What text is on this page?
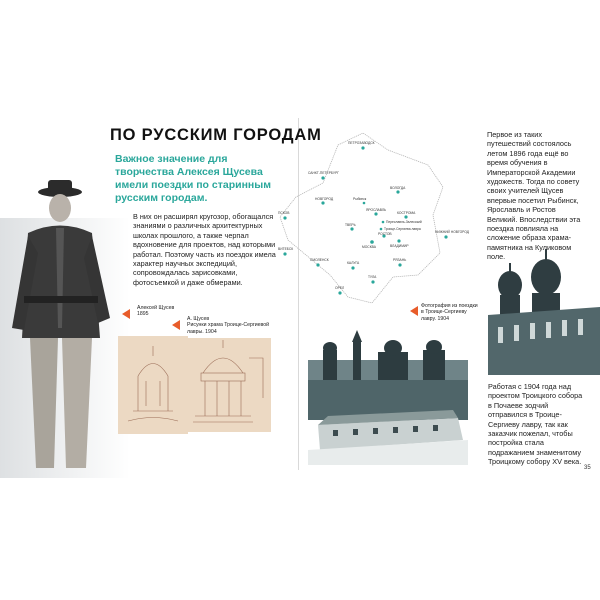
ПО РУССКИМ ГОРОДАМ
Важное значение для творчества Алексея Щусева имели поездки по старинным русским городам.
В них он расширял кругозор, обогащался знаниями о различных архитектурных школах прошлого, а также черпал вдохновение для проектов, над которыми работал. Поэтому часть из поездок имела характер научных экспедиций, сопровождалась зарисовками, фотосъемкой и даже обмерами.
Алексей Щусев
1895
А. Щусев
Рисунки храма Троице-Сергиевой лавры. 1904
ПЕТРОЗАВОДСК
САНКТ-ПЕТЕРБУРГ
НОВГОРОД
ВОЛОГДА
ПСКОВ
Рыбинск
ЯРОСЛАВЛЬ
КОСТРОМА
ТВЕРЬ
Переславль-Залесский
Троице-Сергиева лавра
РОСТОВ
МОСКВА	ВЛАДИМИР
НИЖНИЙ НОВГОРОД
ВИТЕБСК
СМОЛЕНСК
КАЛУГА
ТУЛА
РЯЗАНЬ
ОРЕЛ
Фотография из поездки
в Троице-Сергиеву лавру. 1904
Первое из таких путешествий состоялось летом 1896 года ещё во время обучения в Императорской Академии художеств. Тогда по совету своих учителей Щусев впервые посетил Рыбинск, Ярославль и Ростов Великий. Впоследствии эта поездка повлияла на сложение образа храма-памятника на Куликовом поле.
Работая с 1904 года над проектом Троицкого собора в Почаеве зодчий отправился в Троице-Сергиеву лавру, так как заказчик пожелал, чтобы постройка стала подражанием знаменитому Троицкому собору XV века.
35
